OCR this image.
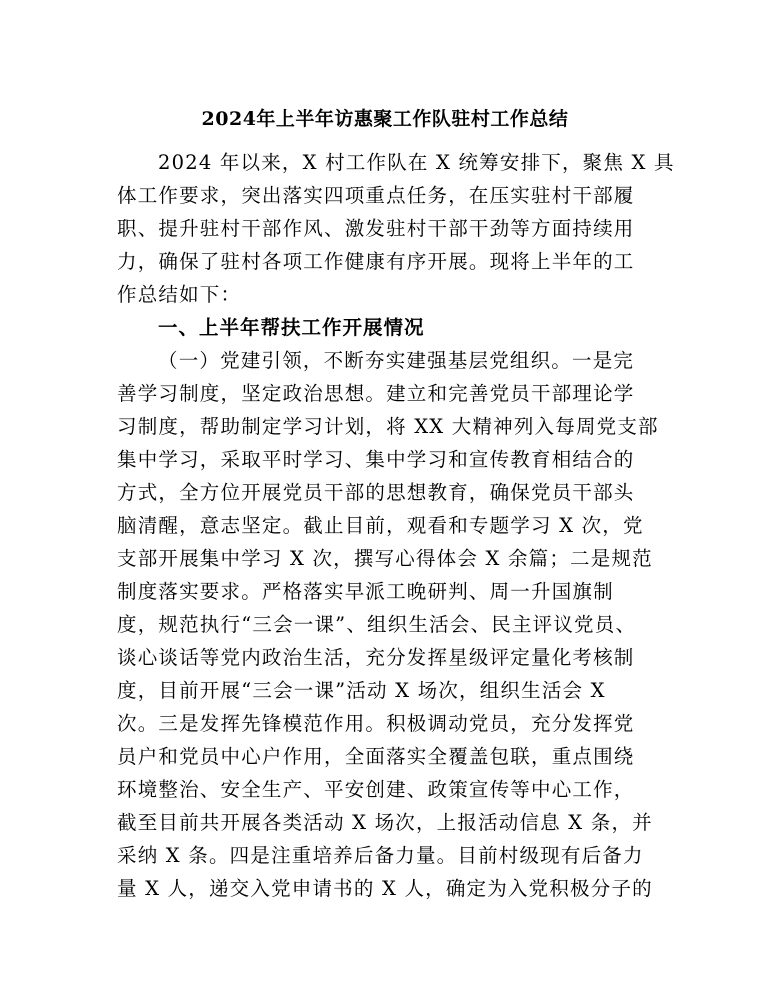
2024年上半年访惠聚工作队驻村工作总结
2024 年以来，X 村工作队在 X 统筹安排下，聚焦 X 具
体工作要求，突出落实四项重点任务，在压实驻村干部履
职、提升驻村干部作风、激发驻村干部干劲等方面持续用
力，确保了驻村各项工作健康有序开展。现将上半年的工
作总结如下：
一、上半年帮扶工作开展情况
（一）党建引领，不断夯实建强基层党组织。一是完
善学习制度，坚定政治思想。建立和完善党员干部理论学
习制度，帮助制定学习计划，将 XX 大精神列入每周党支部
集中学习，采取平时学习、集中学习和宣传教育相结合的
方式，全方位开展党员干部的思想教育，确保党员干部头
脑清醒，意志坚定。截止目前，观看和专题学习 X 次，党
支部开展集中学习 X 次，撰写心得体会 X 余篇；二是规范
制度落实要求。严格落实早派工晚研判、周一升国旗制
度，规范执行“三会一课”、组织生活会、民主评议党员、
谈心谈话等党内政治生活，充分发挥星级评定量化考核制
度，目前开展“三会一课”活动 X 场次，组织生活会 X
次。三是发挥先锋模范作用。积极调动党员，充分发挥党
员户和党员中心户作用，全面落实全覆盖包联，重点围绕
环境整治、安全生产、平安创建、政策宣传等中心工作，
截至目前共开展各类活动 X 场次，上报活动信息 X 条，并
采纳 X 条。四是注重培养后备力量。目前村级现有后备力
量 X 人，递交入党申请书的 X 人，确定为入党积极分子的
